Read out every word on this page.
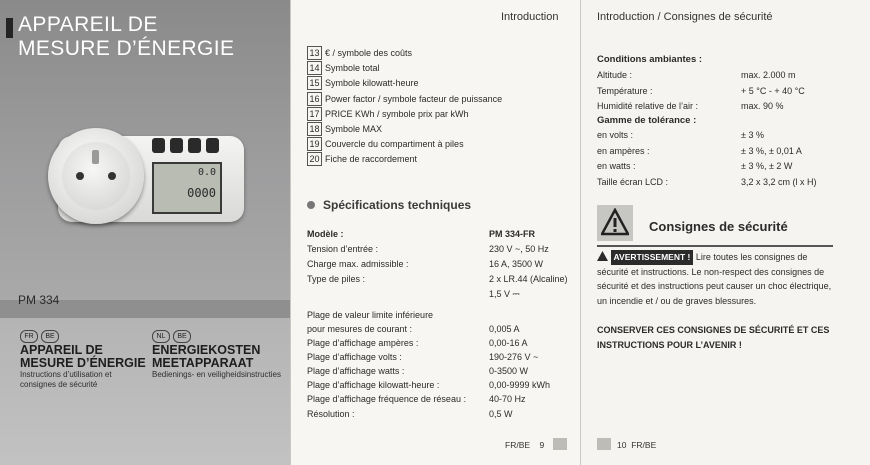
APPAREIL DE
MESURE D’ÉNERGIE
0.0
0000
PM 334
FR	BE
APPAREIL DE
MESURE D’ÉNERGIE
Instructions d’utilisation et
consignes de sécurité
NL	BE
ENERGIEKOSTEN
MEETAPPARAAT
Bedienings- en veiligheidsinstructies
Introduction
13 € / symbole des coûts
14 Symbole total
15 Symbole kilowatt-heure
16 Power factor / symbole facteur de puissance
17 PRICE KWh / symbole prix par kWh
18 Symbole MAX
19 Couvercle du compartiment à piles
20 Fiche de raccordement
Spécifications techniques
Modèle :	PM 334-FR
Tension d’entrée :	230 V ~, 50 Hz
Charge max. admissible :	16 A, 3500 W
Type de piles :	2 x LR.44 (Alcaline)
1,5 V ⎓
Plage de valeur limite inférieure
pour mesures de courant :	0,005 A
Plage d’affichage ampères :	0,00-16 A
Plage d’affichage volts :	190-276 V ~
Plage d’affichage watts :	0-3500 W
Plage d’affichage kilowatt-heure :	0,00-9999 kWh
Plage d’affichage fréquence de réseau :	40-70 Hz
Résolution :	0,5 W
FR/BE 9
Introduction / Consignes de sécurité
Conditions ambiantes :
Altitude :	max. 2.000 m
Température :	+ 5 °C - + 40 °C
Humidité relative de l’air :	max. 90 %
Gamme de tolérance :
en volts :	± 3 %
en ampères :	± 3 %, ± 0,01 A
en watts :	± 3 %, ± 2 W
Taille écran LCD :	3,2 x 3,2 cm (l x H)
Consignes de sécurité
AVERTISSEMENT ! Lire toutes les consignes de sécurité et instructions. Le non-respect des consignes de sécurité et des instructions peut causer un choc électrique, un incendie et / ou de graves blessures.
CONSERVER CES CONSIGNES DE SÉCURITÉ ET CES INSTRUCTIONS POUR L’AVENIR !
10 FR/BE
